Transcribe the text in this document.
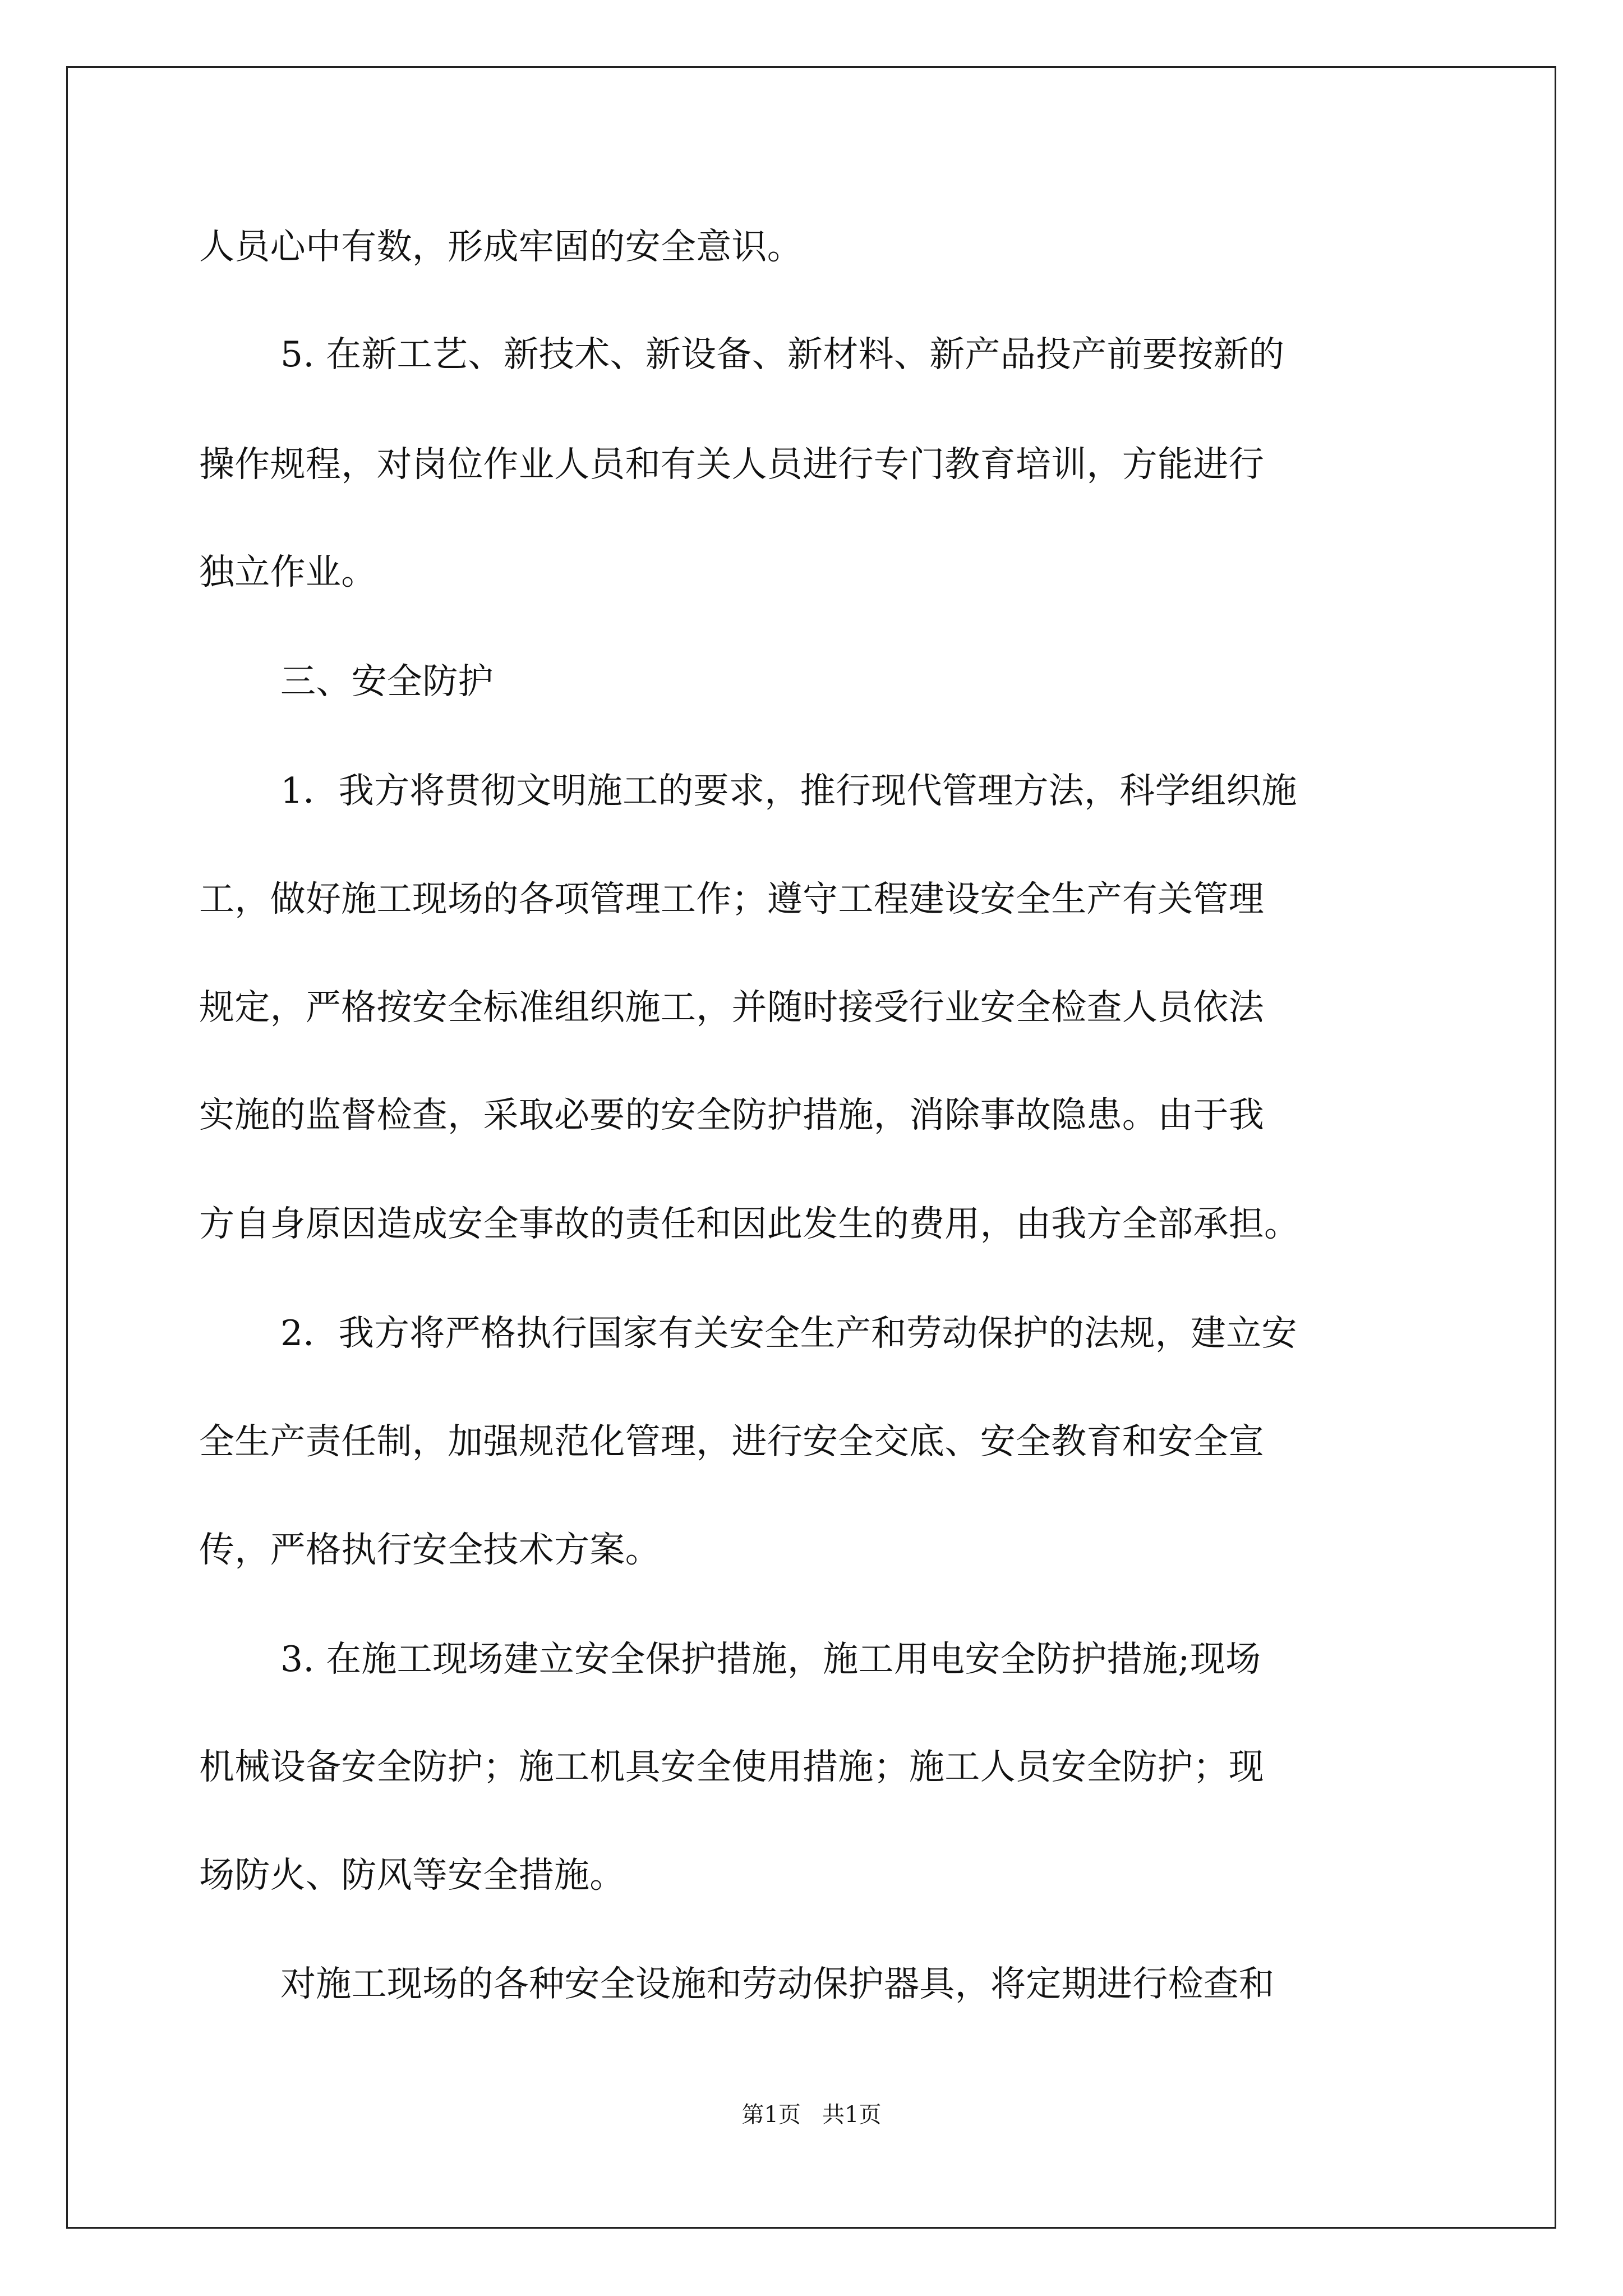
人员心中有数，形成牢固的安全意识。
5. 在新工艺、新技术、新设备、新材料、新产品投产前要按新的
操作规程，对岗位作业人员和有关人员进行专门教育培训，方能进行
独立作业。
三、安全防护
1．我方将贯彻文明施工的要求，推行现代管理方法，科学组织施
工，做好施工现场的各项管理工作；遵守工程建设安全生产有关管理
规定，严格按安全标准组织施工，并随时接受行业安全检查人员依法
实施的监督检查，采取必要的安全防护措施，消除事故隐患。由于我
方自身原因造成安全事故的责任和因此发生的费用，由我方全部承担。
2．我方将严格执行国家有关安全生产和劳动保护的法规，建立安
全生产责任制，加强规范化管理，进行安全交底、安全教育和安全宣
传，严格执行安全技术方案。
3. 在施工现场建立安全保护措施，施工用电安全防护措施;现场
机械设备安全防护；施工机具安全使用措施；施工人员安全防护；现
场防火、防风等安全措施。
对施工现场的各种安全设施和劳动保护器具，将定期进行检查和
第1页   共1页
